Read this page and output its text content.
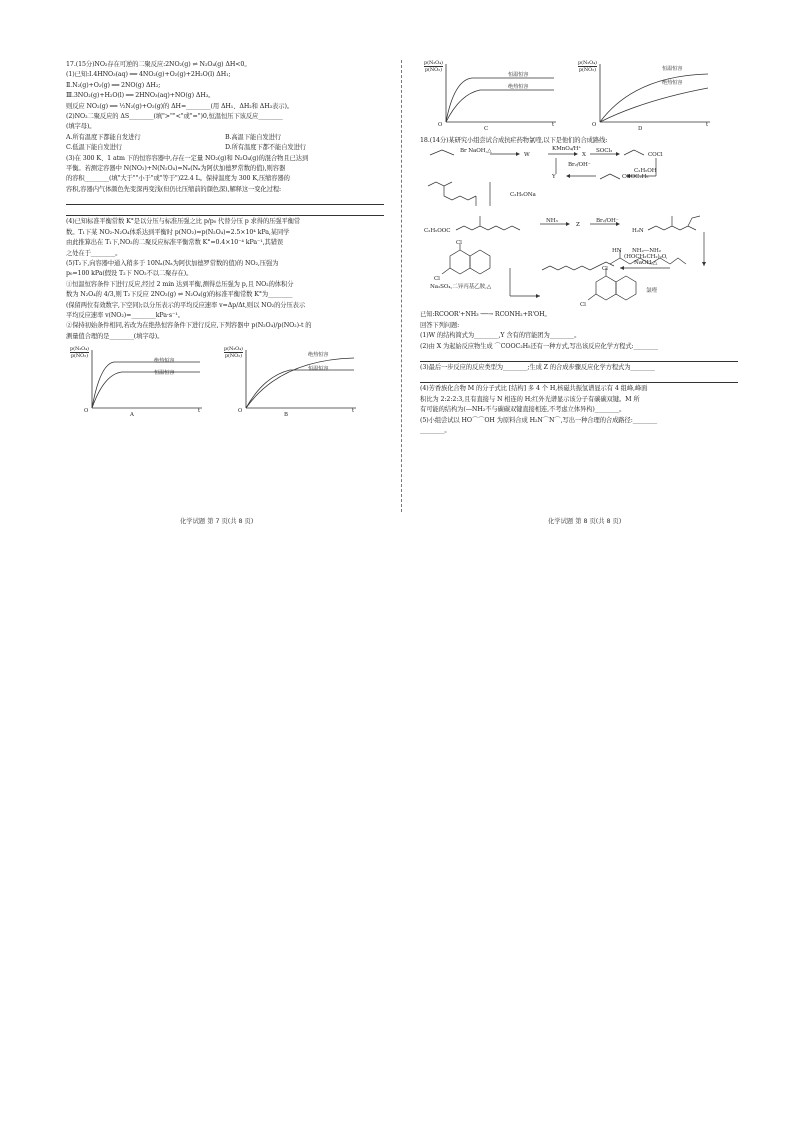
17.(15分)NO₂存在可逆的二聚反应:2NO₂(g) ⇌ N₂O₄(g) ΔH<0。
(1)已知:Ⅰ.4HNO₃(aq) ══ 4NO₂(g)+O₂(g)+2H₂O(l) ΔH₁;
Ⅱ.N₂(g)+O₂(g) ══ 2NO(g) ΔH₂;
Ⅲ.3NO₂(g)+H₂O(l) ══ 2HNO₃(aq)+NO(g) ΔH₃。
则反应 NO₂(g) ══ ½N₂(g)+O₂(g)的 ΔH=________(用 ΔH₁、ΔH₂和 ΔH₃表示)。
(2)NO₂二聚反应的 ΔS________(填">""<"或"=")0,恒温恒压下该反应________
(填字母)。
A.所有温度下都能自发进行	B.高温下能自发进行
C.低温下能自发进行	D.所有温度下都不能自发进行
(3)在 300 K、1 atm 下的恒容容器中,存在一定量 NO₂(g)和 N₂O₄(g)的混合物且已达到
平衡。若测定容器中 N(NO₂)+N(N₂O₄)=Nₐ(Nₐ为阿伏加德罗常数的值),则容器
的容积________(填"大于""小于"或"等于")22.4 L。保持温度为 300 K,压缩容器的
容积,容器内气体颜色先变深再变浅(但仍比压缩前的颜色深),解释这一变化过程:
(4)已知标准平衡常数 K°是以分压与标准压强之比 p/p₀ 代替分压 p 求得的压强平衡常
数。T₁下某 NO₂-N₂O₄体系达到平衡时 p(NO₂)=p(N₂O₄)=2.5×10⁴ kPa,某同学
由此推算出在 T₁下,NO₂的二聚反应标准平衡常数 K°=0.4×10⁻⁴ kPa⁻¹,其错误
之处在于________。
(5)T₂下,向容器中通入稍多于 10Nₐ(Nₐ为阿伏加德罗常数的值)的 NO₂,压强为
p₀=100 kPa(假设 T₂下 NO₂不以二聚存在)。
①恒温恒容条件下进行反应,经过 2 min 达到平衡,测得总压强为 p,且 NO₂的体积分
数为 N₂O₄的 4/3,则 T₂下反应 2NO₂(g) ⇌ N₂O₄(g)的标准平衡常数 K°为________
(保留两位有效数字,下空同);以分压表示的平均反应速率 v=Δp/Δt,则以 NO₂的分压表示
平均反应速率 v(NO₂)=________kPa·s⁻¹。
②保持初始条件相同,若改为在绝热恒容条件下进行反应,下列容器中 p(N₂O₄)/p(NO₂)-t 的
测量值合理的是________(填字母)。
$\frac{\text{p(N₂O₄)}}{\text{p(NO₂)}}$
绝热恒容
恒温恒容
O	t
A
$\frac{\text{p(N₂O₄)}}{\text{p(NO₂)}}$	绝热恒容
恒温恒容
O	t
B
化学试题 第 7 页(共 8 页)
$\frac{\text{p(N₂O₄)}}{\text{p(NO₂)}}$
恒温恒容
绝热恒容
O	t
C
$\frac{\text{p(N₂O₄)}}{\text{p(NO₂)}}$	恒温恒容
绝热恒容
O	t
D
18.(14分)某研究小组尝试合成抗疟药物氯喹,以下是他们的合成路线:
Br NaOH,△
W
KMnO₄/H⁺
X
SOCl₂
COCl
Br₂/OH⁻
Y	COOC₂H₅
C₂H₅OH
C₂H₅ONa
C₂H₅OOC
NH₃
Z
Br₂/OH⁻
H₂N
NH₂—NH₂
(HOCH₂CH₂)₂O,
NaOH,△
Cl
Cl
Na₂SO₄,二异丙基乙胺,△
Cl
Cl
HN
氯喹
已知:RCOOR'+NH₃ ──→ RCONH₂+R'OH。
回答下列问题:
(1)W 的结构简式为________,Y 含有的官能团为________。
(2)由 X 为起始反应物生成 ⌒COOC₂H₅还有一种方式,写出该反应化学方程式:________
(3)最后一步反应的反应类型为________;生成 Z 的合成步骤反应化学方程式为________
(4)芳香族化合物 M 的分子式比 [结构] 多 4 个 H,核磁共振氢谱显示有 4 组峰,峰面
积比为 2:2:2:3,且有直接与 N 相连的 H;红外光谱显示该分子有碳碳双键。M 所
有可能的结构为(—NH₂不与碳碳双键直接相连,不考虑立体异构)________。
(5)小组尝试以 HO⌒⌒OH 为原料合成 H₂N⌒N⌒,写出一种合理的合成路径:________
________。
化学试题 第 8 页(共 8 页)
